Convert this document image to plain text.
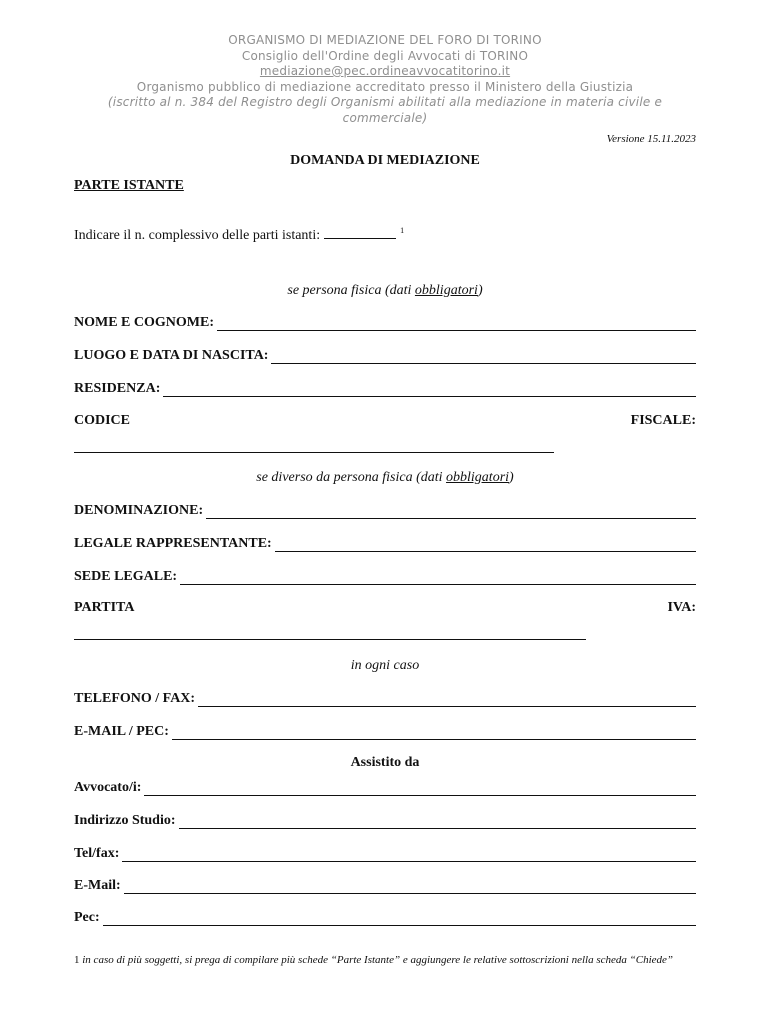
ORGANISMO DI MEDIAZIONE DEL FORO DI TORINO
Consiglio dell'Ordine degli Avvocati di TORINO
mediazione@pec.ordineavvocatitorino.it
Organismo pubblico di mediazione accreditato presso il Ministero della Giustizia
(iscritto al n. 384 del Registro degli Organismi abilitati alla mediazione in materia civile e commerciale)
Versione 15.11.2023
DOMANDA DI MEDIAZIONE
PARTE ISTANTE
Indicare il n. complessivo delle parti istanti:	$^1$
se persona fisica (dati obbligatori)
NOME E COGNOME:
LUOGO E DATA DI NASCITA:
RESIDENZA:
CODICE	FISCALE:
se diverso da persona fisica (dati obbligatori)
DENOMINAZIONE:
LEGALE RAPPRESENTANTE:
SEDE LEGALE:
PARTITA	IVA:
in ogni caso
TELEFONO / FAX:
E-MAIL / PEC:
Assistito da
Avvocato/i:
Indirizzo Studio:
Tel/fax:
E-Mail:
Pec:
1 in caso di più soggetti, si prega di compilare più schede “Parte Istante” e aggiungere le relative sottoscrizioni nella scheda “Chiede”
